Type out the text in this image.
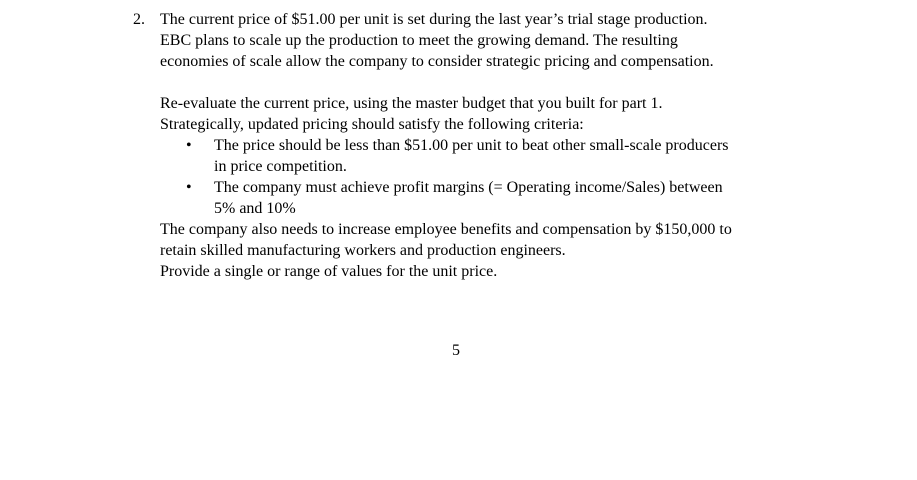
2. The current price of $51.00 per unit is set during the last year’s trial stage production.
EBC plans to scale up the production to meet the growing demand. The resulting
economies of scale allow the company to consider strategic pricing and compensation.
Re-evaluate the current price, using the master budget that you built for part 1.
Strategically, updated pricing should satisfy the following criteria:
• The price should be less than $51.00 per unit to beat other small-scale producers
in price competition.
• The company must achieve profit margins (= Operating income/Sales) between
5% and 10%
The company also needs to increase employee benefits and compensation by $150,000 to
retain skilled manufacturing workers and production engineers.
Provide a single or range of values for the unit price.
5
